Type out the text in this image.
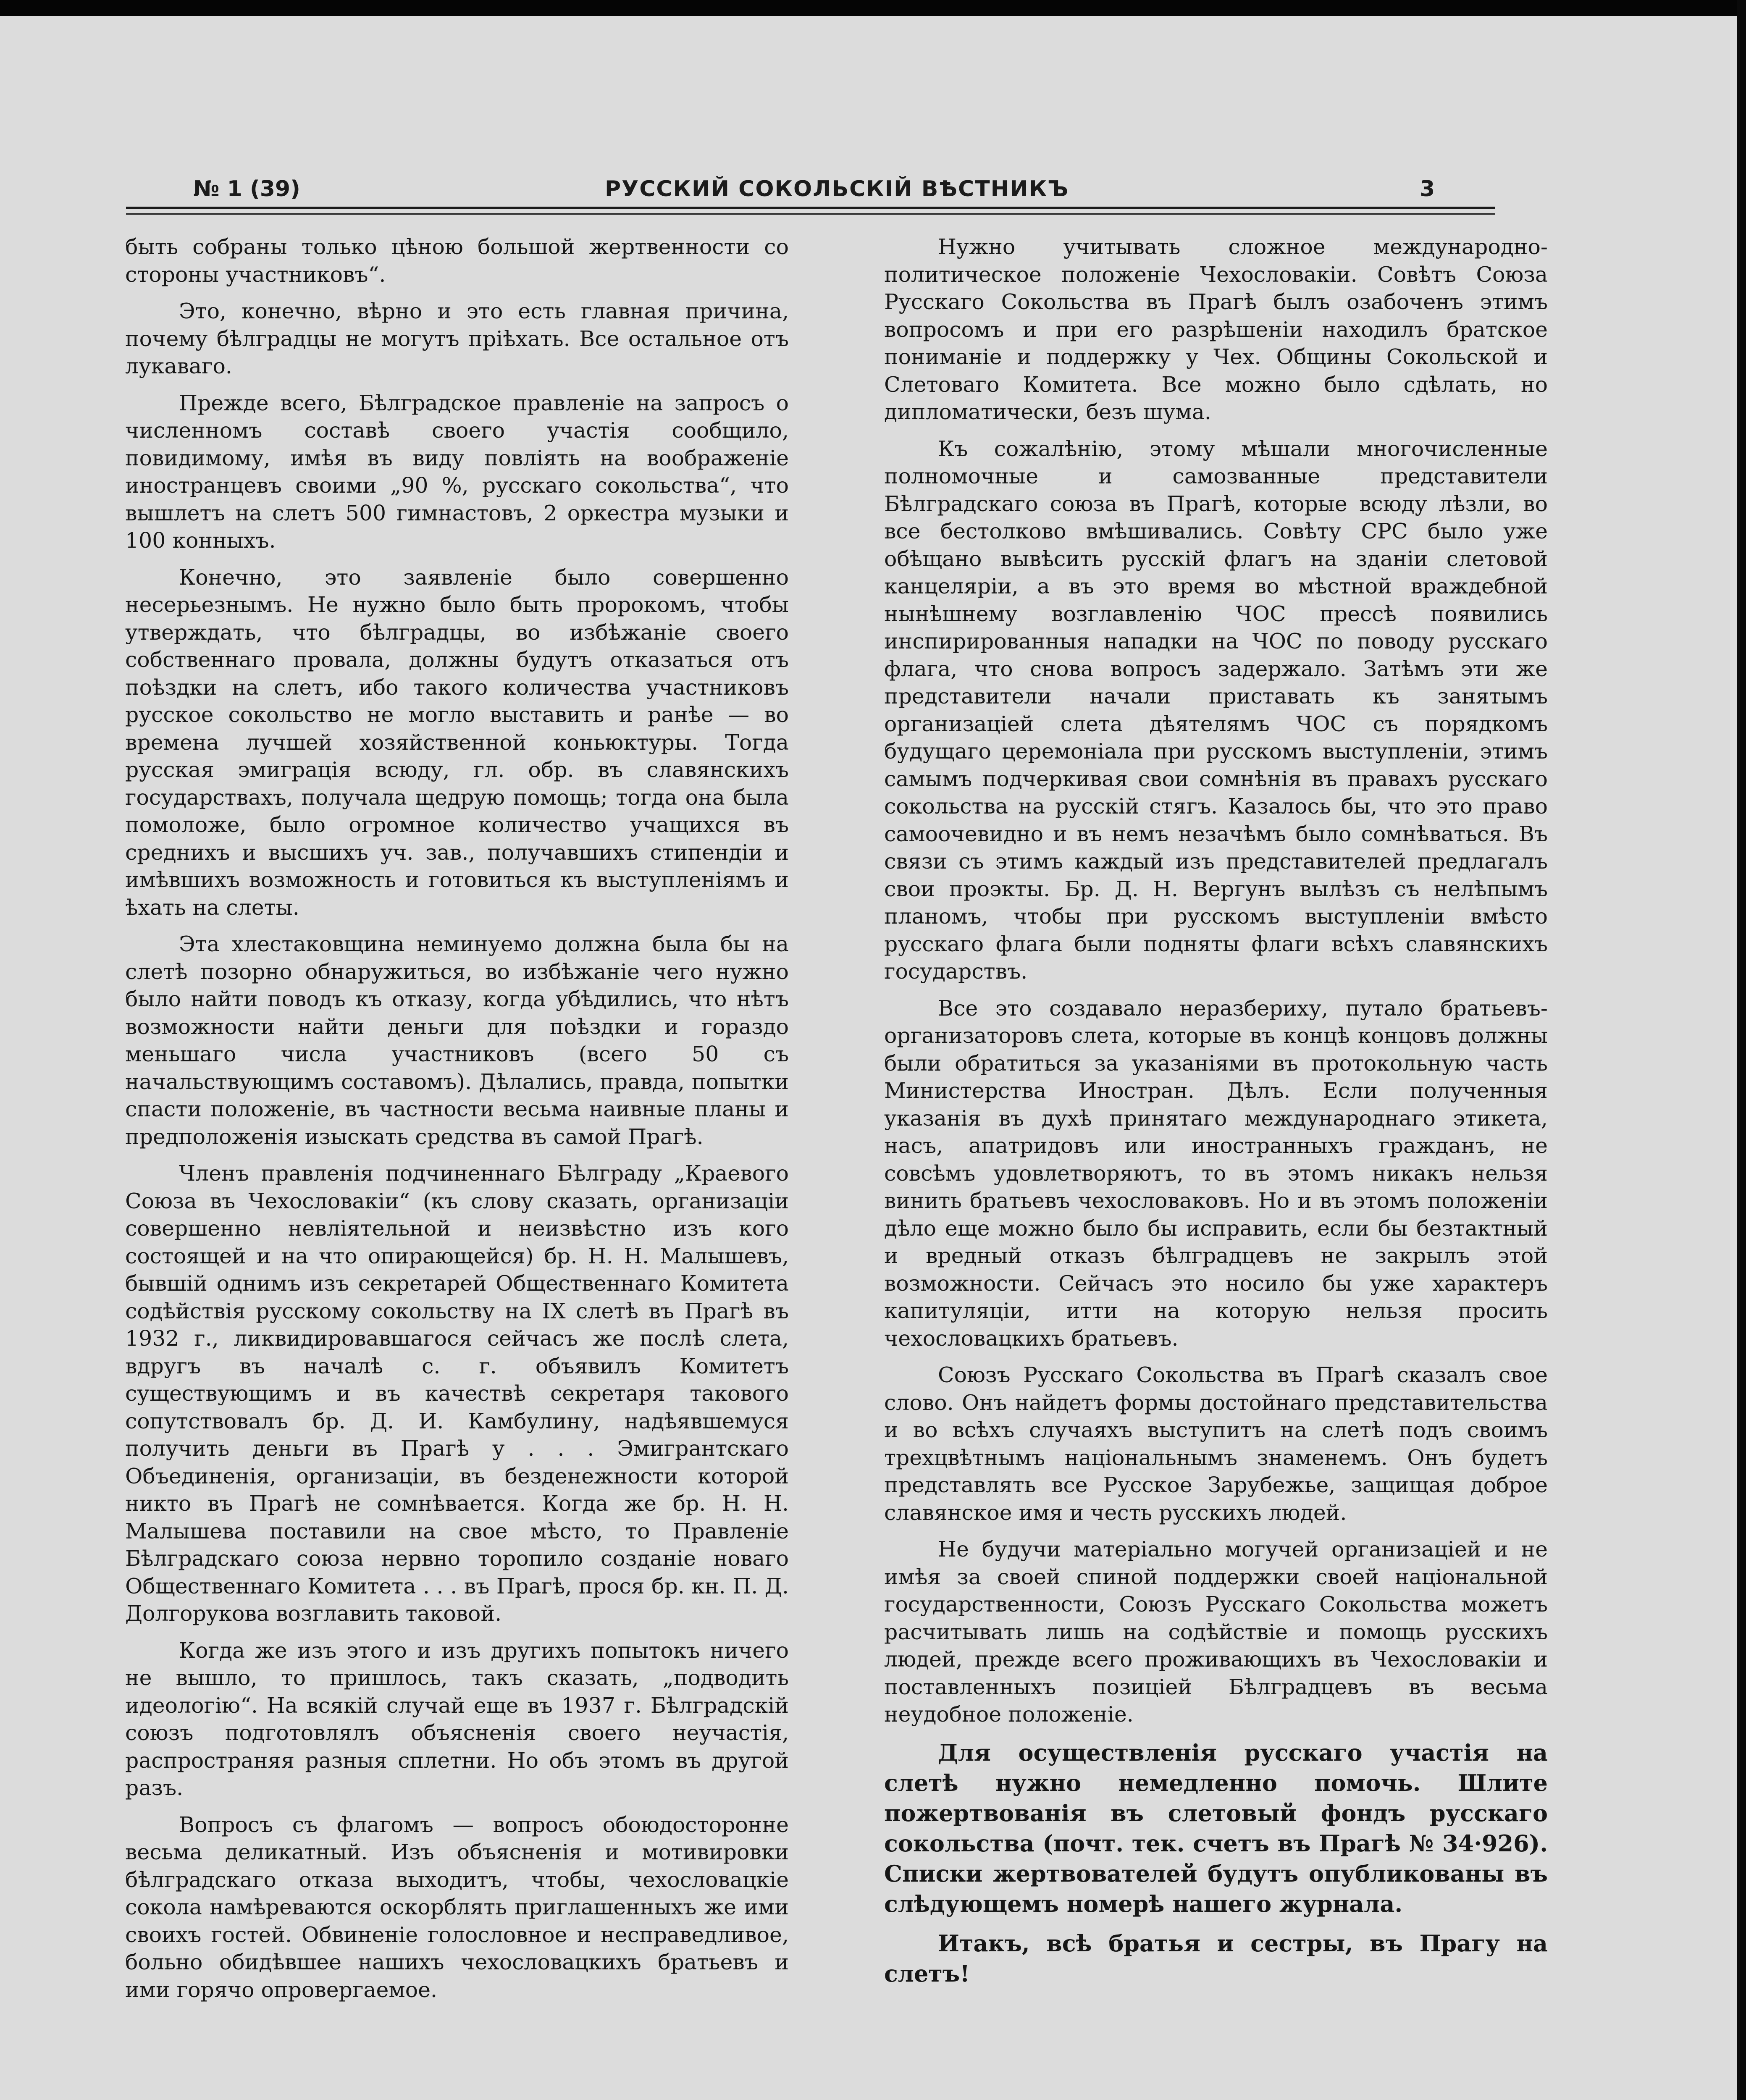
№ 1 (39)	РУССКИЙ СОКОЛЬСКІЙ ВѢСТНИКЪ	3

быть собраны только цѣною большой жертвенности со стороны участниковъ“.

Это, конечно, вѣрно и это есть главная причина, почему бѣлградцы не могутъ пріѣхать. Все остальное отъ лукаваго.

Прежде всего, Бѣлградское правленіе на запросъ о численномъ составѣ своего участія сообщило, повидимому, имѣя въ виду повліять на воображеніе иностранцевъ своими „90 %, русскаго сокольства“, что вышлетъ на слетъ 500 гимнастовъ, 2 оркестра музыки и 100 конныхъ.

Конечно, это заявленіе было совершенно несерьезнымъ. Не нужно было быть пророкомъ, чтобы утверждать, что бѣлградцы, во избѣжаніе своего собственнаго провала, должны будутъ отказаться отъ поѣздки на слетъ, ибо такого количества участниковъ русское сокольство не могло выставить и ранѣе — во времена лучшей хозяйственной коньюктуры. Тогда русская эмиграція всюду, гл. обр. въ славянскихъ государствахъ, получала щедрую помощь; тогда она была помоложе, было огромное количество учащихся въ среднихъ и высшихъ уч. зав., получавшихъ стипендіи и имѣвшихъ возможность и готовиться къ выступленіямъ и ѣхать на слеты.

Эта хлестаковщина неминуемо должна была бы на слетѣ позорно обнаружиться, во избѣжаніе чего нужно было найти поводъ къ отказу, когда убѣдились, что нѣтъ возможности найти деньги для поѣздки и гораздо меньшаго числа участниковъ (всего 50 съ начальствующимъ составомъ). Дѣлались, правда, попытки спасти положеніе, въ частности весьма наивные планы и предположенія изыскать средства въ самой Прагѣ.

Членъ правленія подчиненнаго Бѣлграду „Краевого Союза въ Чехословакіи“ (къ слову сказать, организаціи совершенно невліятельной и неизвѣстно изъ кого состоящей и на что опирающейся) бр. Н. Н. Малышевъ, бывшій однимъ изъ секретарей Общественнаго Комитета содѣйствія русскому сокольству на IX слетѣ въ Прагѣ въ 1932 г., ликвидировавшагося сейчасъ же послѣ слета, вдругъ въ началѣ с. г. объявилъ Комитетъ существующимъ и въ качествѣ секретаря такового сопутствовалъ бр. Д. И. Камбулину, надѣявшемуся получить деньги въ Прагѣ у . . . Эмигрантскаго Объединенія, организаціи, въ безденежности которой никто въ Прагѣ не сомнѣвается. Когда же бр. Н. Н. Малышева поставили на свое мѣсто, то Правленіе Бѣлградскаго союза нервно торопило созданіе новаго Общественнаго Комитета . . . въ Прагѣ, прося бр. кн. П. Д. Долгорукова возглавить таковой.

Когда же изъ этого и изъ другихъ попытокъ ничего не вышло, то пришлось, такъ сказать, „подводить идеологію“. На всякій случай еще въ 1937 г. Бѣлградскій союзъ подготовлялъ объясненія своего неучастія, распространяя разныя сплетни. Но объ этомъ въ другой разъ.

Вопросъ съ флагомъ — вопросъ обоюдосторонне весьма деликатный. Изъ объясненія и мотивировки бѣлградскаго отказа выходитъ, чтобы, чехословацкіе сокола намѣреваются оскорблять приглашенныхъ же ими своихъ гостей. Обвиненіе голословное и несправедливое, больно обидѣвшее нашихъ чехословацкихъ братьевъ и ими горячо опровергаемое.

Нужно учитывать сложное международно-политическое положеніе Чехословакіи. Совѣтъ Союза Русскаго Сокольства въ Прагѣ былъ озабоченъ этимъ вопросомъ и при его разрѣшеніи находилъ братское пониманіе и поддержку у Чех. Общины Сокольской и Слетоваго Комитета. Все можно было сдѣлать, но дипломатически, безъ шума.

Къ сожалѣнію, этому мѣшали многочисленные полномочные и самозванные представители Бѣлградскаго союза въ Прагѣ, которые всюду лѣзли, во все бестолково вмѣшивались. Совѣту СРС было уже обѣщано вывѣсить русскій флагъ на зданіи слетовой канцеляріи, а въ это время во мѣстной враждебной нынѣшнему возглавленію ЧОС прессѣ появились инспирированныя нападки на ЧОС по поводу русскаго флага, что снова вопросъ задержало. Затѣмъ эти же представители начали приставать къ занятымъ организаціей слета дѣятелямъ ЧОС съ порядкомъ будущаго церемоніала при русскомъ выступленіи, этимъ самымъ подчеркивая свои сомнѣнія въ правахъ русскаго сокольства на русскій стягъ. Казалось бы, что это право самоочевидно и въ немъ незачѣмъ было сомнѣваться. Въ связи съ этимъ каждый изъ представителей предлагалъ свои проэкты. Бр. Д. Н. Вергунъ вылѣзъ съ нелѣпымъ планомъ, чтобы при русскомъ выступленіи вмѣсто русскаго флага были подняты флаги всѣхъ славянскихъ государствъ.

Все это создавало неразбериху, путало братьевъ-организаторовъ слета, которые въ концѣ концовъ должны были обратиться за указаніями въ протокольную часть Министерства Иностран. Дѣлъ. Если полученныя указанія въ духѣ принятаго международнаго этикета, насъ, апатридовъ или иностранныхъ гражданъ, не совсѣмъ удовлетворяютъ, то въ этомъ никакъ нельзя винить братьевъ чехословаковъ. Но и въ этомъ положеніи дѣло еще можно было бы исправить, если бы безтактный и вредный отказъ бѣлградцевъ не закрылъ этой возможности. Сейчасъ это носило бы уже характеръ капитуляціи, итти на которую нельзя просить чехословацкихъ братьевъ.

Союзъ Русскаго Сокольства въ Прагѣ сказалъ свое слово. Онъ найдетъ формы достойнаго представительства и во всѣхъ случаяхъ выступитъ на слетѣ подъ своимъ трехцвѣтнымъ національнымъ знаменемъ. Онъ будетъ представлять все Русское Зарубежье, защищая доброе славянское имя и честь русскихъ людей.

Не будучи матеріально могучей организаціей и не имѣя за своей спиной поддержки своей національной государственности, Союзъ Русскаго Сокольства можетъ расчитывать лишь на содѣйствіе и помощь русскихъ людей, прежде всего проживающихъ въ Чехословакіи и поставленныхъ позиціей Бѣлградцевъ въ весьма неудобное положеніе.

Для осуществленія русскаго участія на слетѣ нужно немедленно помочь. Шлите пожертвованія въ слетовый фондъ русскаго сокольства (почт. тек. счетъ въ Прагѣ № 34·926). Списки жертвователей будутъ опубликованы въ слѣдующемъ номерѣ нашего журнала.

Итакъ, всѣ братья и сестры, въ Прагу на слетъ!
